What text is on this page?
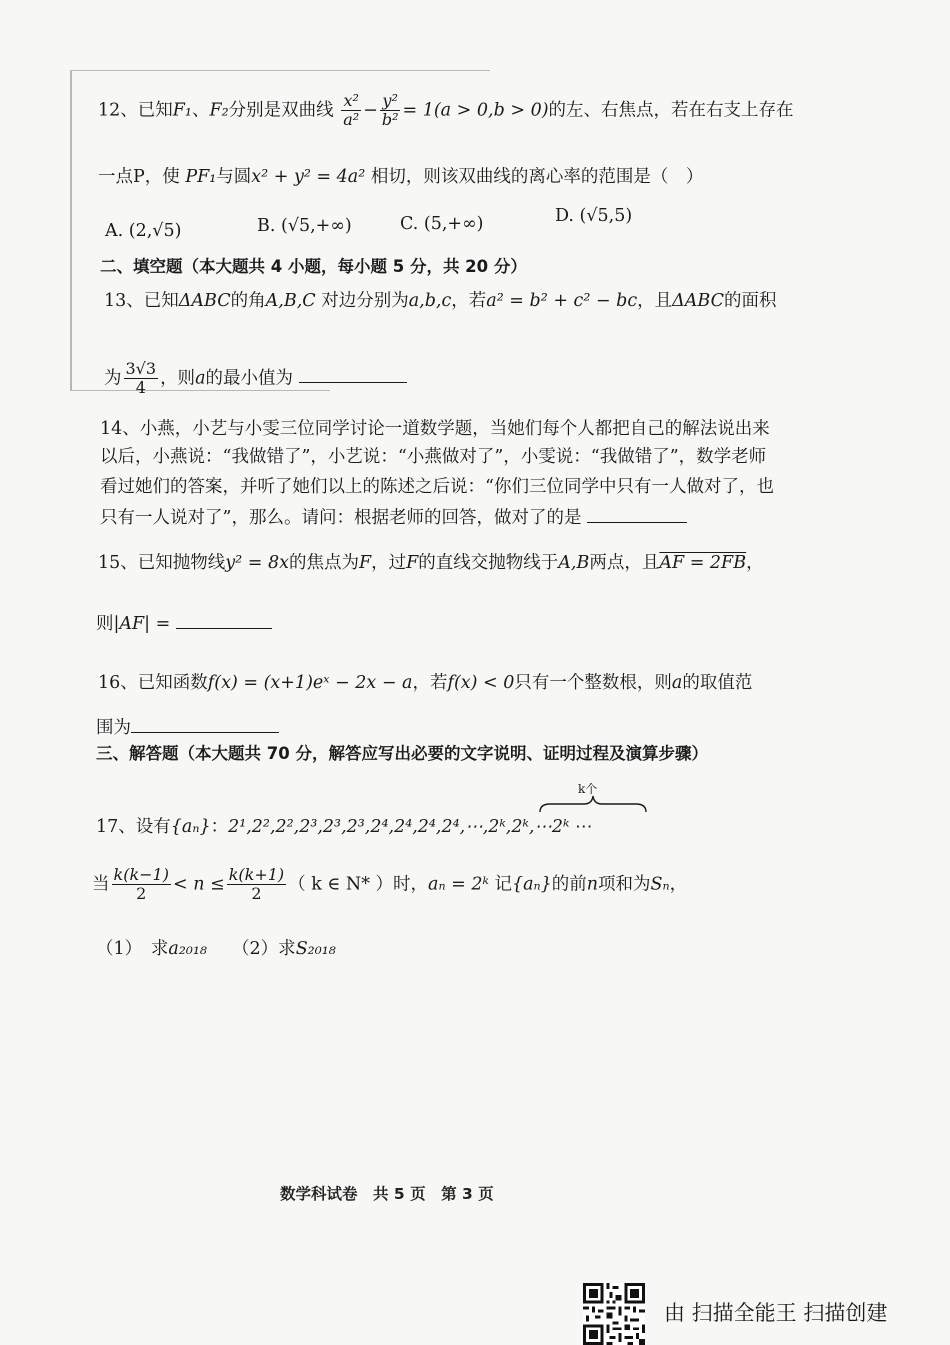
12、已知F₁、F₂分别是双曲线 $\frac{\text{x²}}{\text{a²}} - \frac{\text{y²}}{\text{b²}} = 1(a > 0,b > 0)$的左、右焦点，若在右支上存在
一点P，使 PF₁与圆x² + y² = 4a² 相切，则该双曲线的离心率的范围是（　）
A. (2,√5)	B. (√5,+∞)	C. (5,+∞)	D. (√5,5)
二、填空题（本大题共 4 小题，每小题 5 分，共 20 分）
13、已知ΔABC的角A,B,C 对边分别为a,b,c，若a² = b² + c² − bc，且ΔABC的面积
为 $\frac{3√3}{4}$ ，则a的最小值为
14、小燕，小艺与小雯三位同学讨论一道数学题，当她们每个人都把自己的解法说出来
以后，小燕说：“我做错了”，小艺说：“小燕做对了”，小雯说：“我做错了”，数学老师
看过她们的答案，并听了她们以上的陈述之后说：“你们三位同学中只有一人做对了，也
只有一人说对了”，那么。请问：根据老师的回答，做对了的是
15、已知抛物线y² = 8x的焦点为F，过F的直线交抛物线于A,B两点，且AF = 2FB，
则|AF| =
16、已知函数f(x) = (x+1)eˣ − 2x − a，若f(x) < 0只有一个整数根，则a的取值范
围为
三、解答题（本大题共 70 分，解答应写出必要的文字说明、证明过程及演算步骤）
17、设有{aₙ}：2¹,2²,2²,2³,2³,2³,2⁴,2⁴,2⁴,2⁴,⋯,2ᵏ,2ᵏ,⋯2ᵏ ⋯
k个
当 $\frac{k(k-1)}{2} < n \le \frac{k(k+1)}{2}$ （ k ∈ N* ）时，aₙ = 2ᵏ 记{aₙ}的前n项和为Sₙ，
（1）　求a₂₀₁₈ （2）求S₂₀₁₈
数学科试卷　共 5 页　第 3 页
由 扫描全能王 扫描创建
